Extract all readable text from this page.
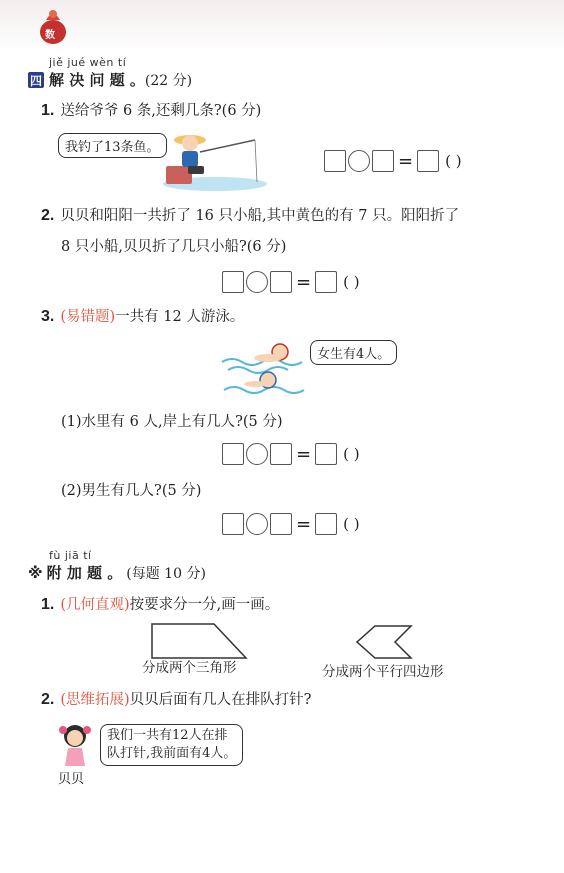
数
jiě jué wèn tí
四 解 决 问 题 。 (22 分)
1. 送给爷爷 6 条,还剩几条?(6 分)
我钓了13条鱼。
= ( )
2. 贝贝和阳阳一共折了 16 只小船,其中黄色的有 7 只。阳阳折了
8 只小船,贝贝折了几只小船?(6 分)
= ( )
3. (易错题)一共有 12 人游泳。
女生有4人。
(1)水里有 6 人,岸上有几人?(5 分)
= ( )
(2)男生有几人?(5 分)
= ( )
fù jiā tí
※ 附 加 题 。 (每题 10 分)
1. (几何直观)按要求分一分,画一画。
分成两个三角形	分成两个平行四边形
2. (思维拓展)贝贝后面有几人在排队打针?
我们一共有12人在排
队打针,我前面有4人。
贝贝
